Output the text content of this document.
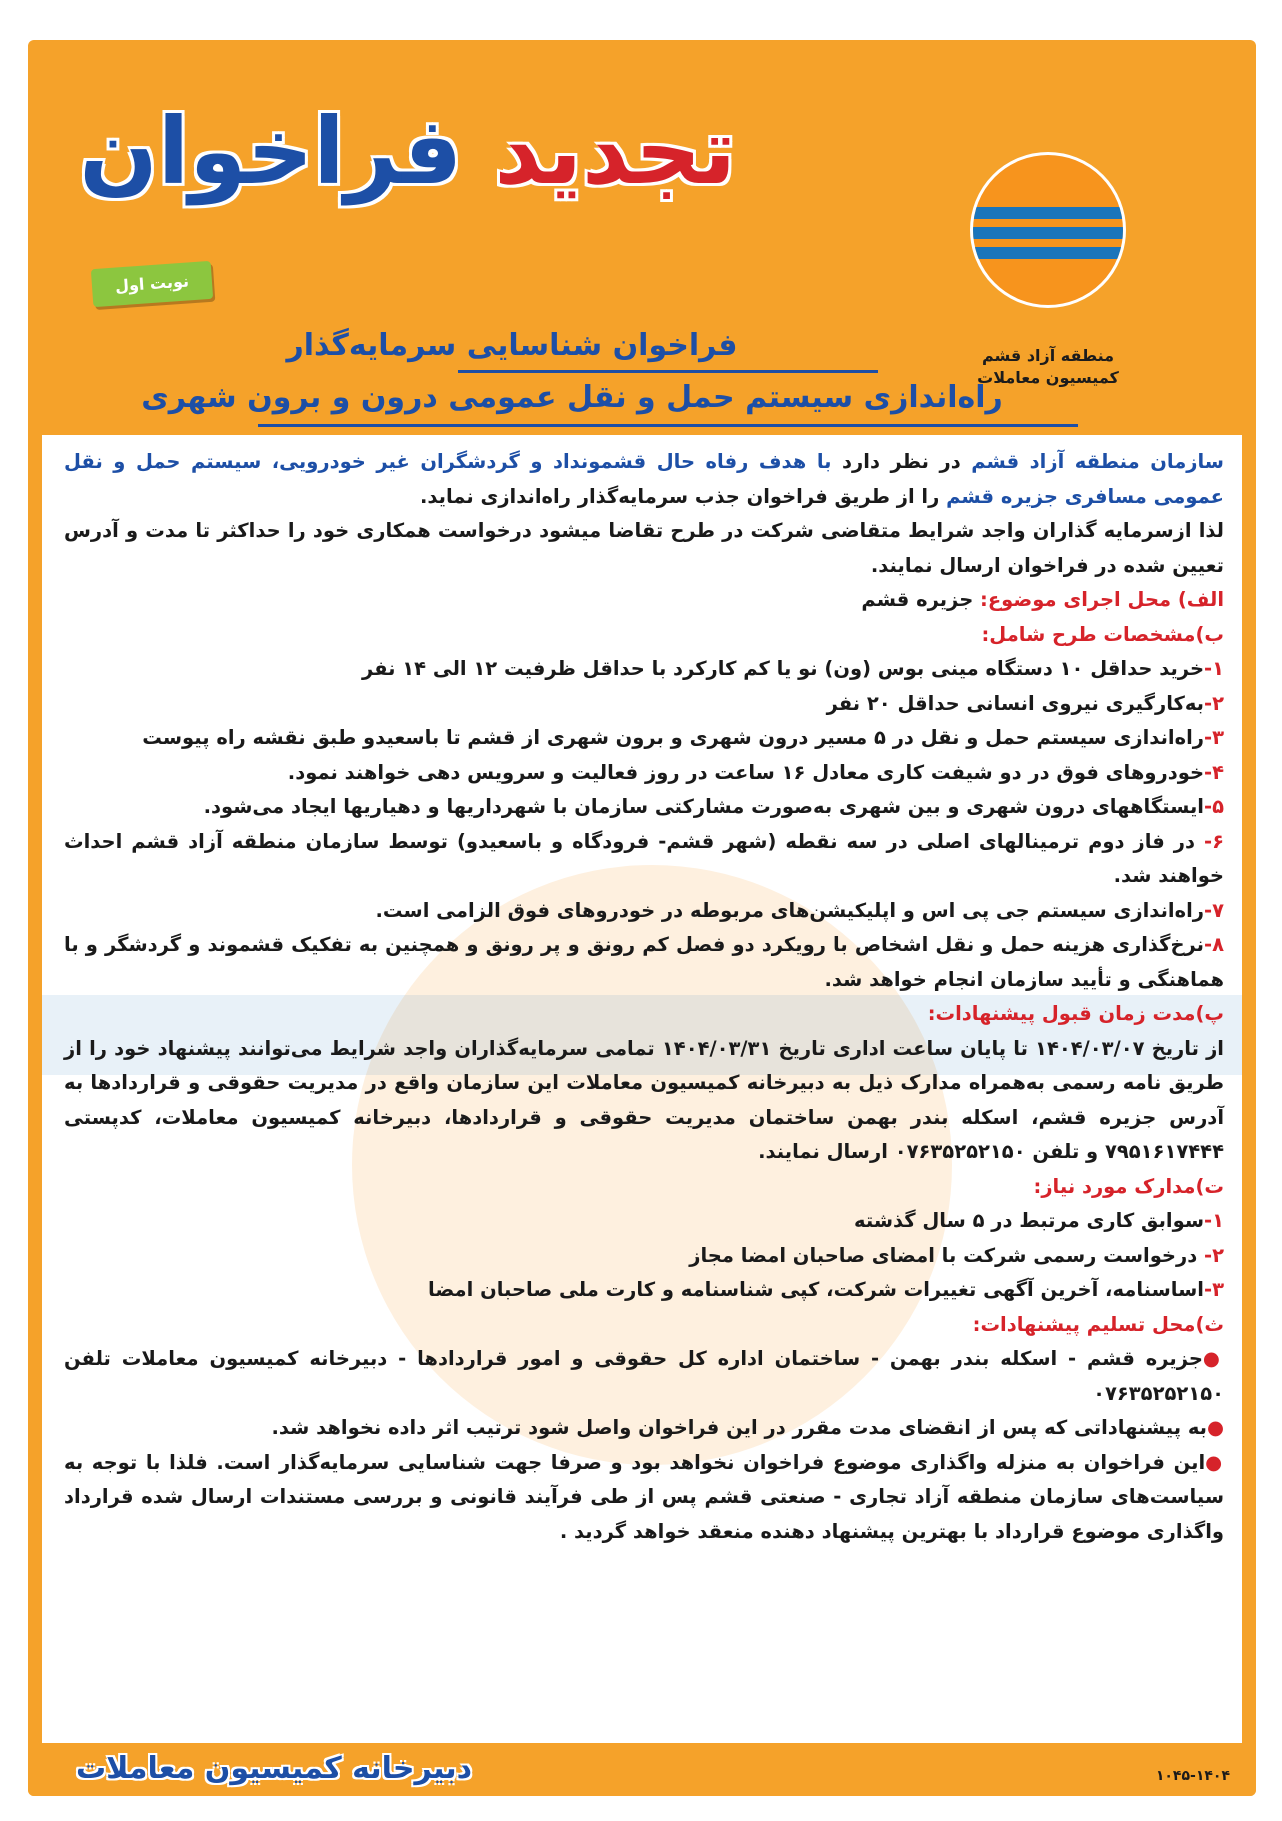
تجدید فراخوان
نوبت اول
منطقه آزاد قشم
کمیسیون معاملات
فراخوان شناسایی سرمایه‌گذار
راه‌اندازی سیستم حمل و نقل عمومی درون و برون شهری

سازمان منطقه آزاد قشم در نظر دارد با هدف رفاه حال قشمونداد و گردشگران غیر خودرویی، سیستم حمل و نقل عمومی مسافری جزیره قشم را از طریق فراخوان جذب سرمایه‌گذار راه‌اندازی نماید.

لذا ازسرمایه گذاران واجد شرایط متقاضی شرکت در طرح تقاضا میشود درخواست همکاری خود را حداکثر تا مدت و آدرس تعیین شده در فراخوان ارسال نمایند.

الف) محل اجرای موضوع: جزیره قشم

ب)مشخصات طرح شامل:

۱-خرید حداقل ۱۰ دستگاه مینی بوس (ون) نو یا کم کارکرد با حداقل ظرفیت ۱۲ الی ۱۴ نفر

۲-به‌کارگیری نیروی انسانی حداقل ۲۰ نفر

۳-راه‌اندازی سیستم حمل و نقل در ۵ مسیر درون شهری و برون شهری از قشم تا باسعیدو طبق نقشه راه پیوست

۴-خودروهای فوق در دو شیفت کاری معادل ۱۶ ساعت در روز فعالیت و سرویس دهی خواهند نمود.

۵-ایستگاههای درون شهری و بین شهری به‌صورت مشارکتی سازمان با شهرداریها و دهیاریها ایجاد می‌شود.

۶- در فاز دوم ترمینالهای اصلی در سه نقطه (شهر قشم- فرودگاه و باسعیدو) توسط سازمان منطقه آزاد قشم احداث خواهند شد.

۷-راه‌اندازی سیستم جی پی اس و اپلیکیشن‌های مربوطه در خودروهای فوق الزامی است.

۸-نرخ‌گذاری هزینه حمل و نقل اشخاص با رویکرد دو فصل کم رونق و پر رونق و همچنین به تفکیک قشموند و گردشگر و با هماهنگی و تأیید سازمان انجام خواهد شد.

پ)مدت زمان قبول پیشنهادات:

از تاریخ ۱۴۰۴/۰۳/۰۷ تا پایان ساعت اداری تاریخ ۱۴۰۴/۰۳/۳۱ تمامی سرمایه‌گذاران واجد شرایط می‌توانند پیشنهاد خود را از طریق نامه رسمی به‌همراه مدارک ذیل به دبیرخانه کمیسیون معاملات این سازمان واقع در مدیریت حقوقی و قراردادها به آدرس جزیره قشم، اسکله بندر بهمن ساختمان مدیریت حقوقی و قراردادها، دبیرخانه کمیسیون معاملات، کدپستی ۷۹۵۱۶۱۷۴۴۴ و تلفن ۰۷۶۳۵۲۵۲۱۵۰ ارسال نمایند.

ت)مدارک مورد نیاز:

۱-سوابق کاری مرتبط در ۵ سال گذشته

۲- درخواست رسمی شرکت با امضای صاحبان امضا مجاز

۳-اساسنامه، آخرین آگهی تغییرات شرکت، کپی شناسنامه و کارت ملی صاحبان امضا

ث)محل تسلیم پیشنهادات:

●جزیره قشم - اسکله بندر بهمن - ساختمان اداره کل حقوقی و امور قراردادها - دبیرخانه کمیسیون معاملات تلفن ۰۷۶۳۵۲۵۲۱۵۰

●به پیشنهاداتی که پس از انقضای مدت مقرر در این فراخوان واصل شود ترتیب اثر داده نخواهد شد.

●این فراخوان به منزله واگذاری موضوع فراخوان نخواهد بود و صرفا جهت شناسایی سرمایه‌گذار است. فلذا با توجه به سیاست‌های سازمان منطقه آزاد تجاری - صنعتی قشم پس از طی فرآیند قانونی و بررسی مستندات ارسال شده قرارداد واگذاری موضوع قرارداد با بهترین پیشنهاد دهنده منعقد خواهد گردید .

دبیرخانه کمیسیون معاملات	۱۰۴۵-۱۴۰۴
